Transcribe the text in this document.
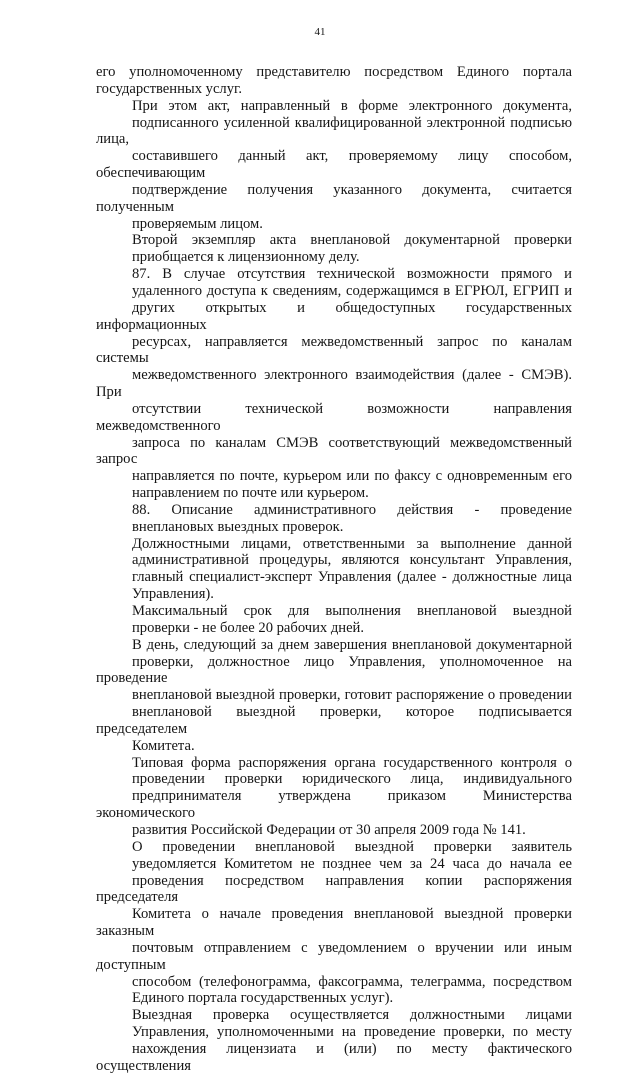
41

его уполномоченному представителю посредством Единого портала
государственных услуг.

При этом акт, направленный в форме электронного документа,
подписанного усиленной квалифицированной электронной подписью лица,
составившего данный акт, проверяемому лицу способом, обеспечивающим
подтверждение получения указанного документа, считается полученным
проверяемым лицом.

Второй экземпляр акта внеплановой документарной проверки
приобщается к лицензионному делу.

87. В случае отсутствия технической возможности прямого и
удаленного доступа к сведениям, содержащимся в ЕГРЮЛ, ЕГРИП и
других открытых и общедоступных государственных информационных
ресурсах, направляется межведомственный запрос по каналам системы
межведомственного электронного взаимодействия (далее - СМЭВ). При
отсутствии технической возможности направления межведомственного
запроса по каналам СМЭВ соответствующий межведомственный запрос
направляется по почте, курьером или по факсу с одновременным его
направлением по почте или курьером.

88. Описание административного действия - проведение
внеплановых выездных проверок.

Должностными лицами, ответственными за выполнение данной
административной процедуры, являются консультант Управления,
главный специалист-эксперт Управления (далее - должностные лица
Управления).

Максимальный срок для выполнения внеплановой выездной
проверки - не более 20 рабочих дней.

В день, следующий за днем завершения внеплановой документарной
проверки, должностное лицо Управления, уполномоченное на проведение
внеплановой выездной проверки, готовит распоряжение о проведении
внеплановой выездной проверки, которое подписывается председателем
Комитета.

Типовая форма распоряжения органа государственного контроля о
проведении проверки юридического лица, индивидуального
предпринимателя утверждена приказом Министерства экономического
развития Российской Федерации от 30 апреля 2009 года № 141.

О проведении внеплановой выездной проверки заявитель
уведомляется Комитетом не позднее чем за 24 часа до начала ее
проведения посредством направления копии распоряжения председателя
Комитета о начале проведения внеплановой выездной проверки заказным
почтовым отправлением с уведомлением о вручении или иным доступным
способом (телефонограмма, факсограмма, телеграмма, посредством
Единого портала государственных услуг).

Выездная проверка осуществляется должностными лицами
Управления, уполномоченными на проведение проверки, по месту
нахождения лицензиата и (или) по месту фактического осуществления
